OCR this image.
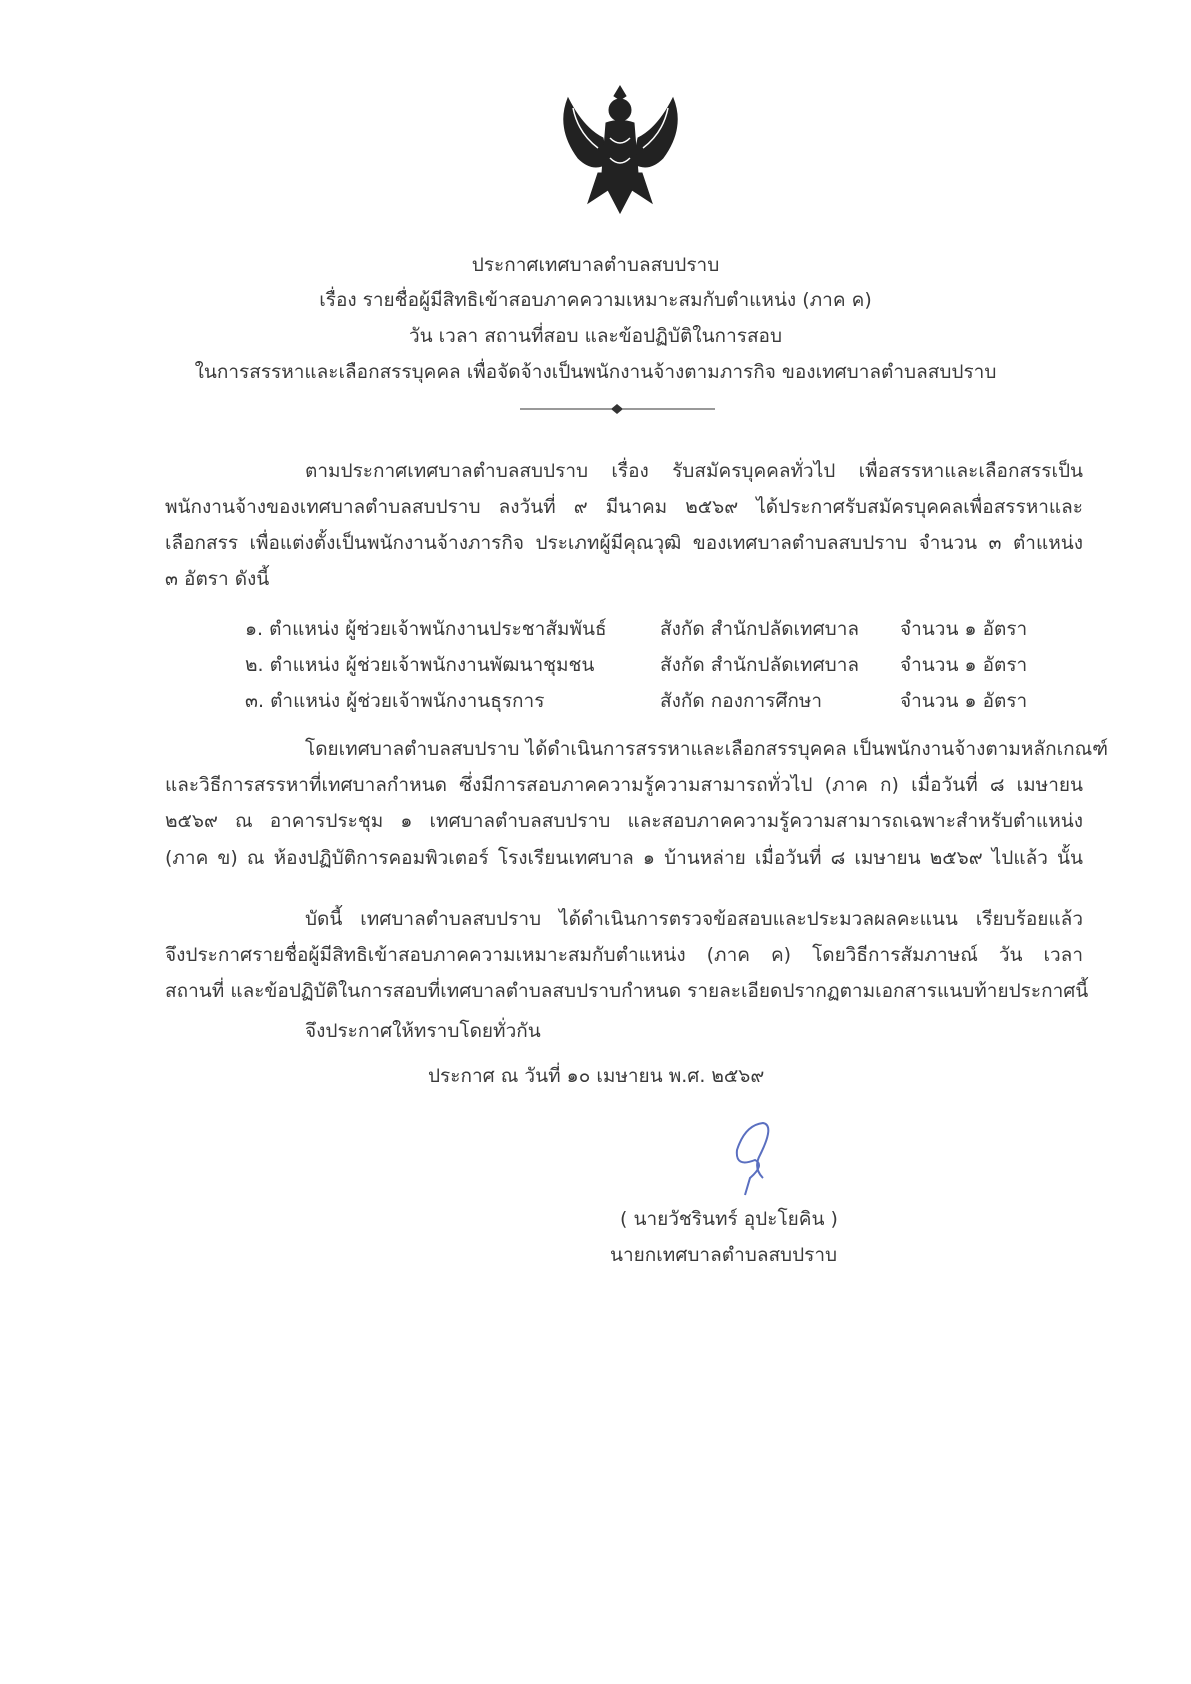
ประกาศเทศบาลตำบลสบปราบ
เรื่อง รายชื่อผู้มีสิทธิเข้าสอบภาคความเหมาะสมกับตำแหน่ง (ภาค ค)
วัน เวลา สถานที่สอบ และข้อปฏิบัติในการสอบ
ในการสรรหาและเลือกสรรบุคคล เพื่อจัดจ้างเป็นพนักงานจ้างตามภารกิจ ของเทศบาลตำบลสบปราบ
ตามประกาศเทศบาลตำบลสบปราบ เรื่อง รับสมัครบุคคลทั่วไป เพื่อสรรหาและเลือกสรรเป็น
พนักงานจ้างของเทศบาลตำบลสบปราบ ลงวันที่ ๙ มีนาคม ๒๕๖๙ ได้ประกาศรับสมัครบุคคลเพื่อสรรหาและ
เลือกสรร เพื่อแต่งตั้งเป็นพนักงานจ้างภารกิจ ประเภทผู้มีคุณวุฒิ ของเทศบาลตำบลสบปราบ จำนวน ๓ ตำแหน่ง
๓ อัตรา ดังนี้
๑. ตำแหน่ง ผู้ช่วยเจ้าพนักงานประชาสัมพันธ์	สังกัด สำนักปลัดเทศบาล จำนวน ๑ อัตรา
๒. ตำแหน่ง ผู้ช่วยเจ้าพนักงานพัฒนาชุมชน	สังกัด สำนักปลัดเทศบาล จำนวน ๑ อัตรา
๓. ตำแหน่ง ผู้ช่วยเจ้าพนักงานธุรการ	สังกัด กองการศึกษา	จำนวน ๑ อัตรา
โดยเทศบาลตำบลสบปราบ ได้ดำเนินการสรรหาและเลือกสรรบุคคล เป็นพนักงานจ้างตามหลักเกณฑ์
และวิธีการสรรหาที่เทศบาลกำหนด ซึ่งมีการสอบภาคความรู้ความสามารถทั่วไป (ภาค ก) เมื่อวันที่ ๘ เมษายน
๒๕๖๙ ณ อาคารประชุม ๑ เทศบาลตำบลสบปราบ และสอบภาคความรู้ความสามารถเฉพาะสำหรับตำแหน่ง
(ภาค ข) ณ ห้องปฏิบัติการคอมพิวเตอร์ โรงเรียนเทศบาล ๑ บ้านหล่าย เมื่อวันที่ ๘ เมษายน ๒๕๖๙ ไปแล้ว นั้น
บัดนี้ เทศบาลตำบลสบปราบ ได้ดำเนินการตรวจข้อสอบและประมวลผลคะแนน เรียบร้อยแล้ว
จึงประกาศรายชื่อผู้มีสิทธิเข้าสอบภาคความเหมาะสมกับตำแหน่ง (ภาค ค) โดยวิธีการสัมภาษณ์ วัน เวลา
สถานที่ และข้อปฏิบัติในการสอบที่เทศบาลตำบลสบปราบกำหนด รายละเอียดปรากฏตามเอกสารแนบท้ายประกาศนี้
จึงประกาศให้ทราบโดยทั่วกัน
ประกาศ ณ วันที่ ๑๐ เมษายน พ.ศ. ๒๕๖๙
( นายวัชรินทร์ อุปะโยคิน )
นายกเทศบาลตำบลสบปราบ
